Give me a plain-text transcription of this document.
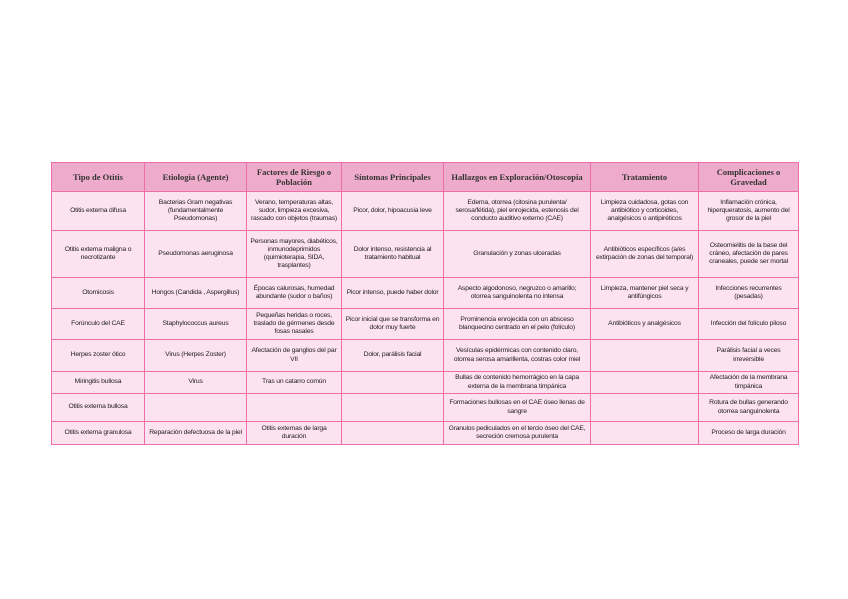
Tipo de Otitis	Etiología (Agente)	Factores de Riesgo o Población	Síntomas Principales	Hallazgos en Exploración/Otoscopia	Tratamiento	Complicaciones o Gravedad
Otitis externa difusa	Bacterias Gram negativas (fundamentalmente Pseudomonas)	Verano, temperaturas altas, sudor, limpieza excesiva, rascado con objetos (traumas)	Picor, dolor, hipoacusia leve	Edema, otorrea (citosina purulenta/ serosa/fétida), piel enrojecida, estenosis del conducto auditivo externo (CAE)	Limpieza cuidadosa, gotas con antibiótico y corticoides, analgésicos o antipiréticos	Inflamación crónica, hiperqueratosis, aumento del grosor de la piel
Otitis externa maligna o necrotizante	Pseudomonas aeruginosa	Personas mayores, diabéticos, inmunodeprimidos (quimioterapia, SIDA, trasplantes)	Dolor intenso, resistencia al tratamiento habitual	Granulación y zonas ulceradas	Antibióticos específicos (a/es extirpación de zonas del temporal)	Osteomielitis de la base del cráneo, afectación de pares craneales, puede ser mortal
Otomicosis	Hongos (Candida , Aspergillus)	Épocas calurosas, humedad abundante (sudor o baños)	Picor intenso, puede haber dolor	Aspecto algodonoso, negruzco o amarillo; otorrea sanguinolenta no intensa	Limpieza, mantener piel seca y antifúngicos	Infecciones recurrentes (pesadas)
Forúnculo del CAE	Staphylococcus aureus	Pequeñas heridas o roces, traslado de gérmenes desde fosas nasales	Picor inicial que se transforma en dolor muy fuerte	Prominencia enrojecida con un absceso blanquecino centrado en el pelo (folículo)	Antibióticos y analgésicos	Infección del folículo piloso
Herpes zoster ótico	Virus (Herpes Zoster)	Afectación de ganglios del par VII	Dolor, parálisis facial	Vesículas epidérmicas con contenido claro, otorrea serosa amarillenta, costras color miel		Parálisis facial a veces irreversible
Miringitis bullosa	Virus	Tras un catarro común		Bullas de contenido hemorrágico en la capa externa de la membrana timpánica		Afectación de la membrana timpánica
Otitis externa bullosa				Formaciones bullosas en el CAE óseo llenas de sangre		Rotura de bullas generando otorrea sanguinolenta
Otitis externa granulosa	Reparación defectuosa de la piel	Otitis externas de larga duración		Granulos pediculados en el tercio óseo del CAE, secreción cremosa purulenta		Proceso de larga duración
